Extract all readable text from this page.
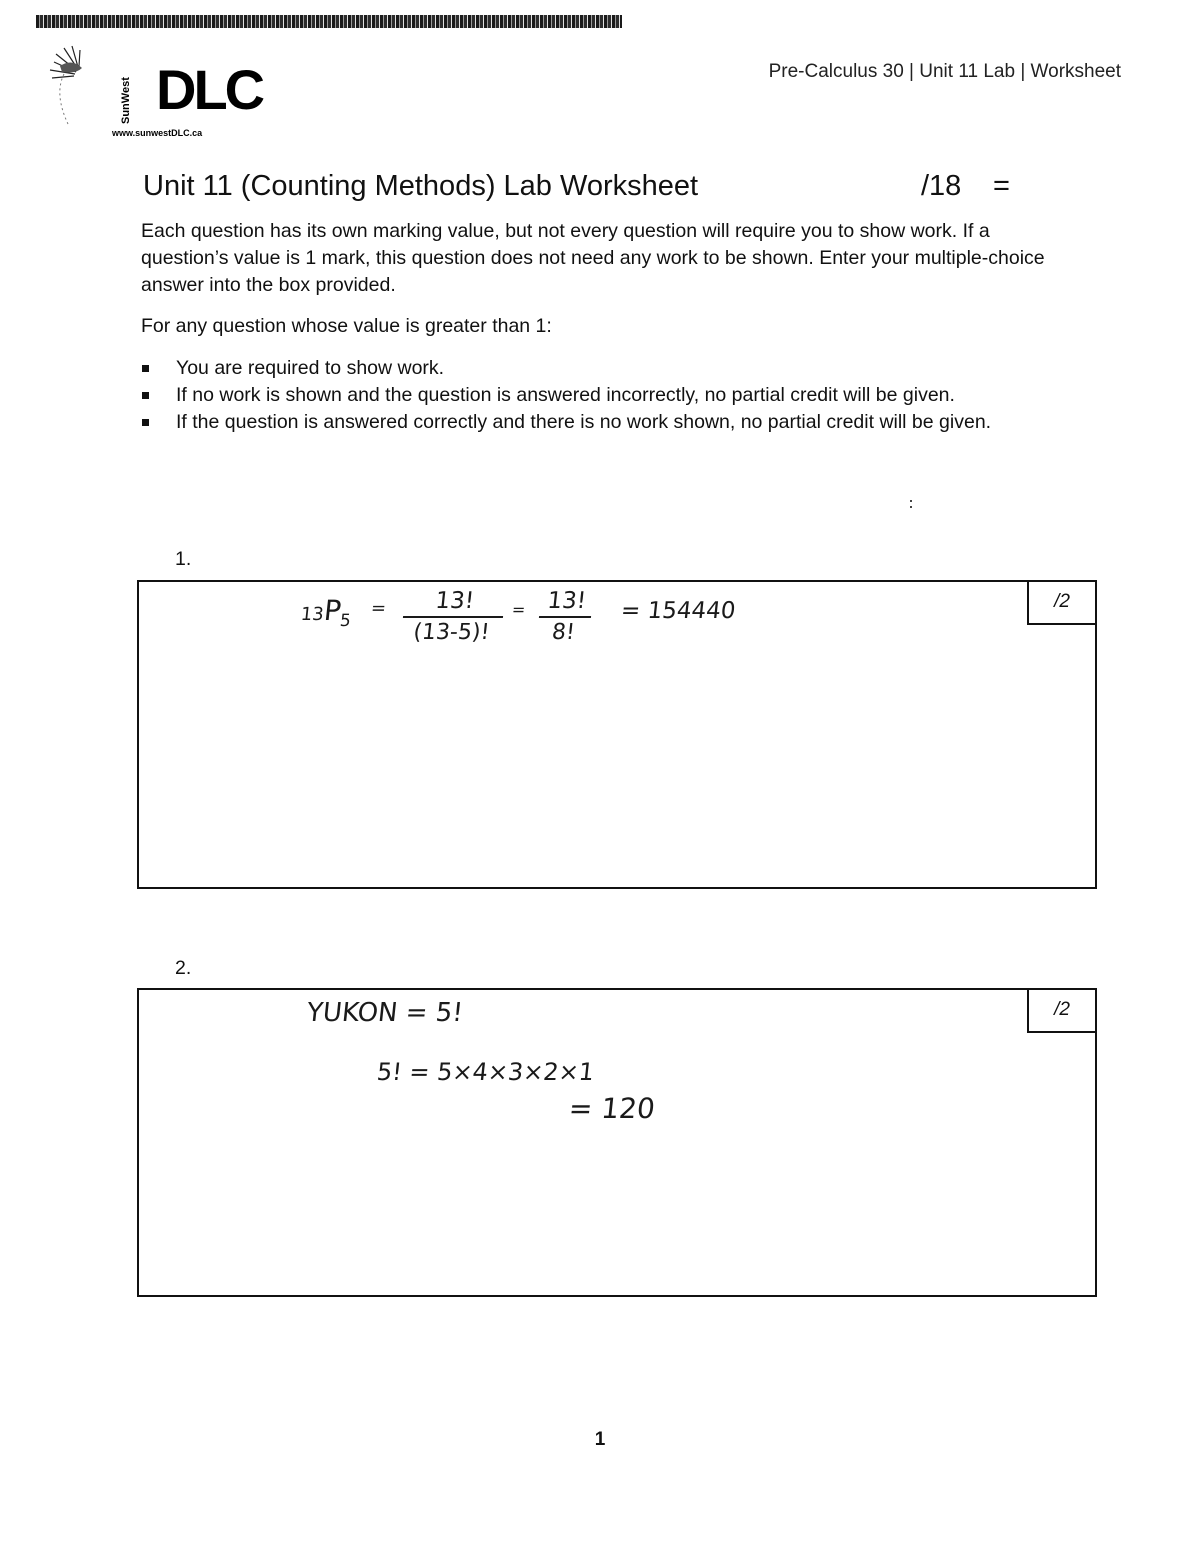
SunWest DLC

www.sunwestDLC.ca

Pre-Calculus 30 | Unit 11 Lab | Worksheet
Unit 11 (Counting Methods) Lab Worksheet	/18 =

Each question has its own marking value, but not every question will require you to show work. If a question’s value is 1 mark, this question does not need any work to be shown. Enter your multiple-choice answer into the box provided.

For any question whose value is greater than 1:

You are required to show work.
If no work is shown and the question is answered incorrectly, no partial credit will be given.
If the question is answered correctly and there is no work shown, no partial credit will be given.
1.
/2
$13P_5$
=	13!
(13-5)!
= 13!
8!
= 154440
2.
/2
YUKON = 5!
5! = 5×4×3×2×1
= 120
1
